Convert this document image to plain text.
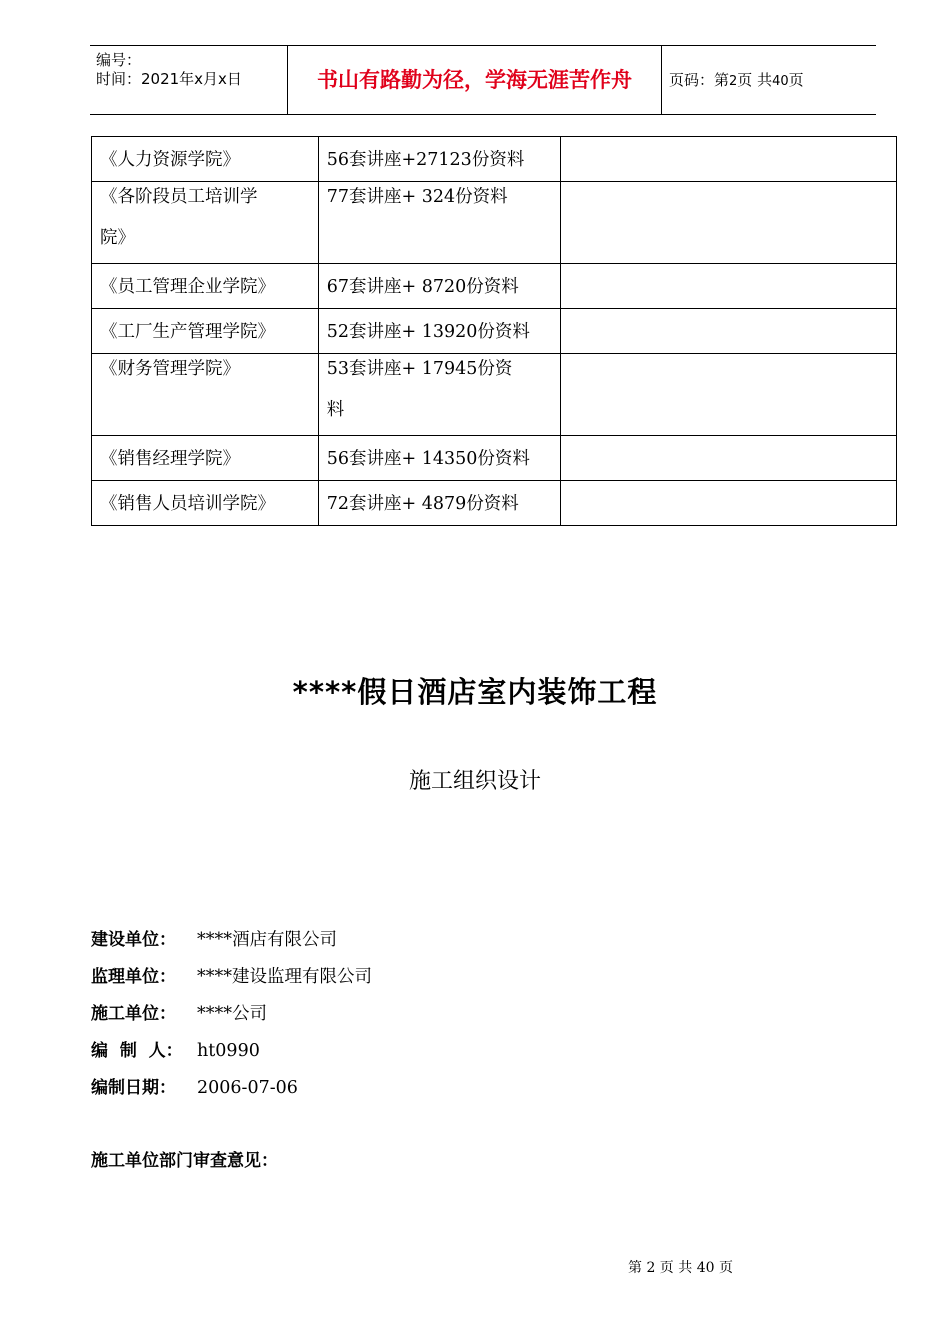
编号：
时间：2021年x月x日	书山有路勤为径，学海无涯苦作舟	页码：第2页 共40页
《人力资源学院》	56套讲座+27123份资料	

《各阶段员工培训学
院》	77套讲座+ 324份资料	

《员工管理企业学院》	67套讲座+ 8720份资料	
《工厂生产管理学院》	52套讲座+ 13920份资料	

《财务管理学院》	53套讲座+ 17945份资
料	

《销售经理学院》	56套讲座+ 14350份资料	
《销售人员培训学院》	72套讲座+ 4879份资料	
****假日酒店室内装饰工程
施工组织设计
建设单位： ****酒店有限公司
监理单位： ****建设监理有限公司
施工单位： ****公司
编  制  人： ht0990
编制日期： 2006-07-06
施工单位部门审查意见：
第 2 页 共 40 页
